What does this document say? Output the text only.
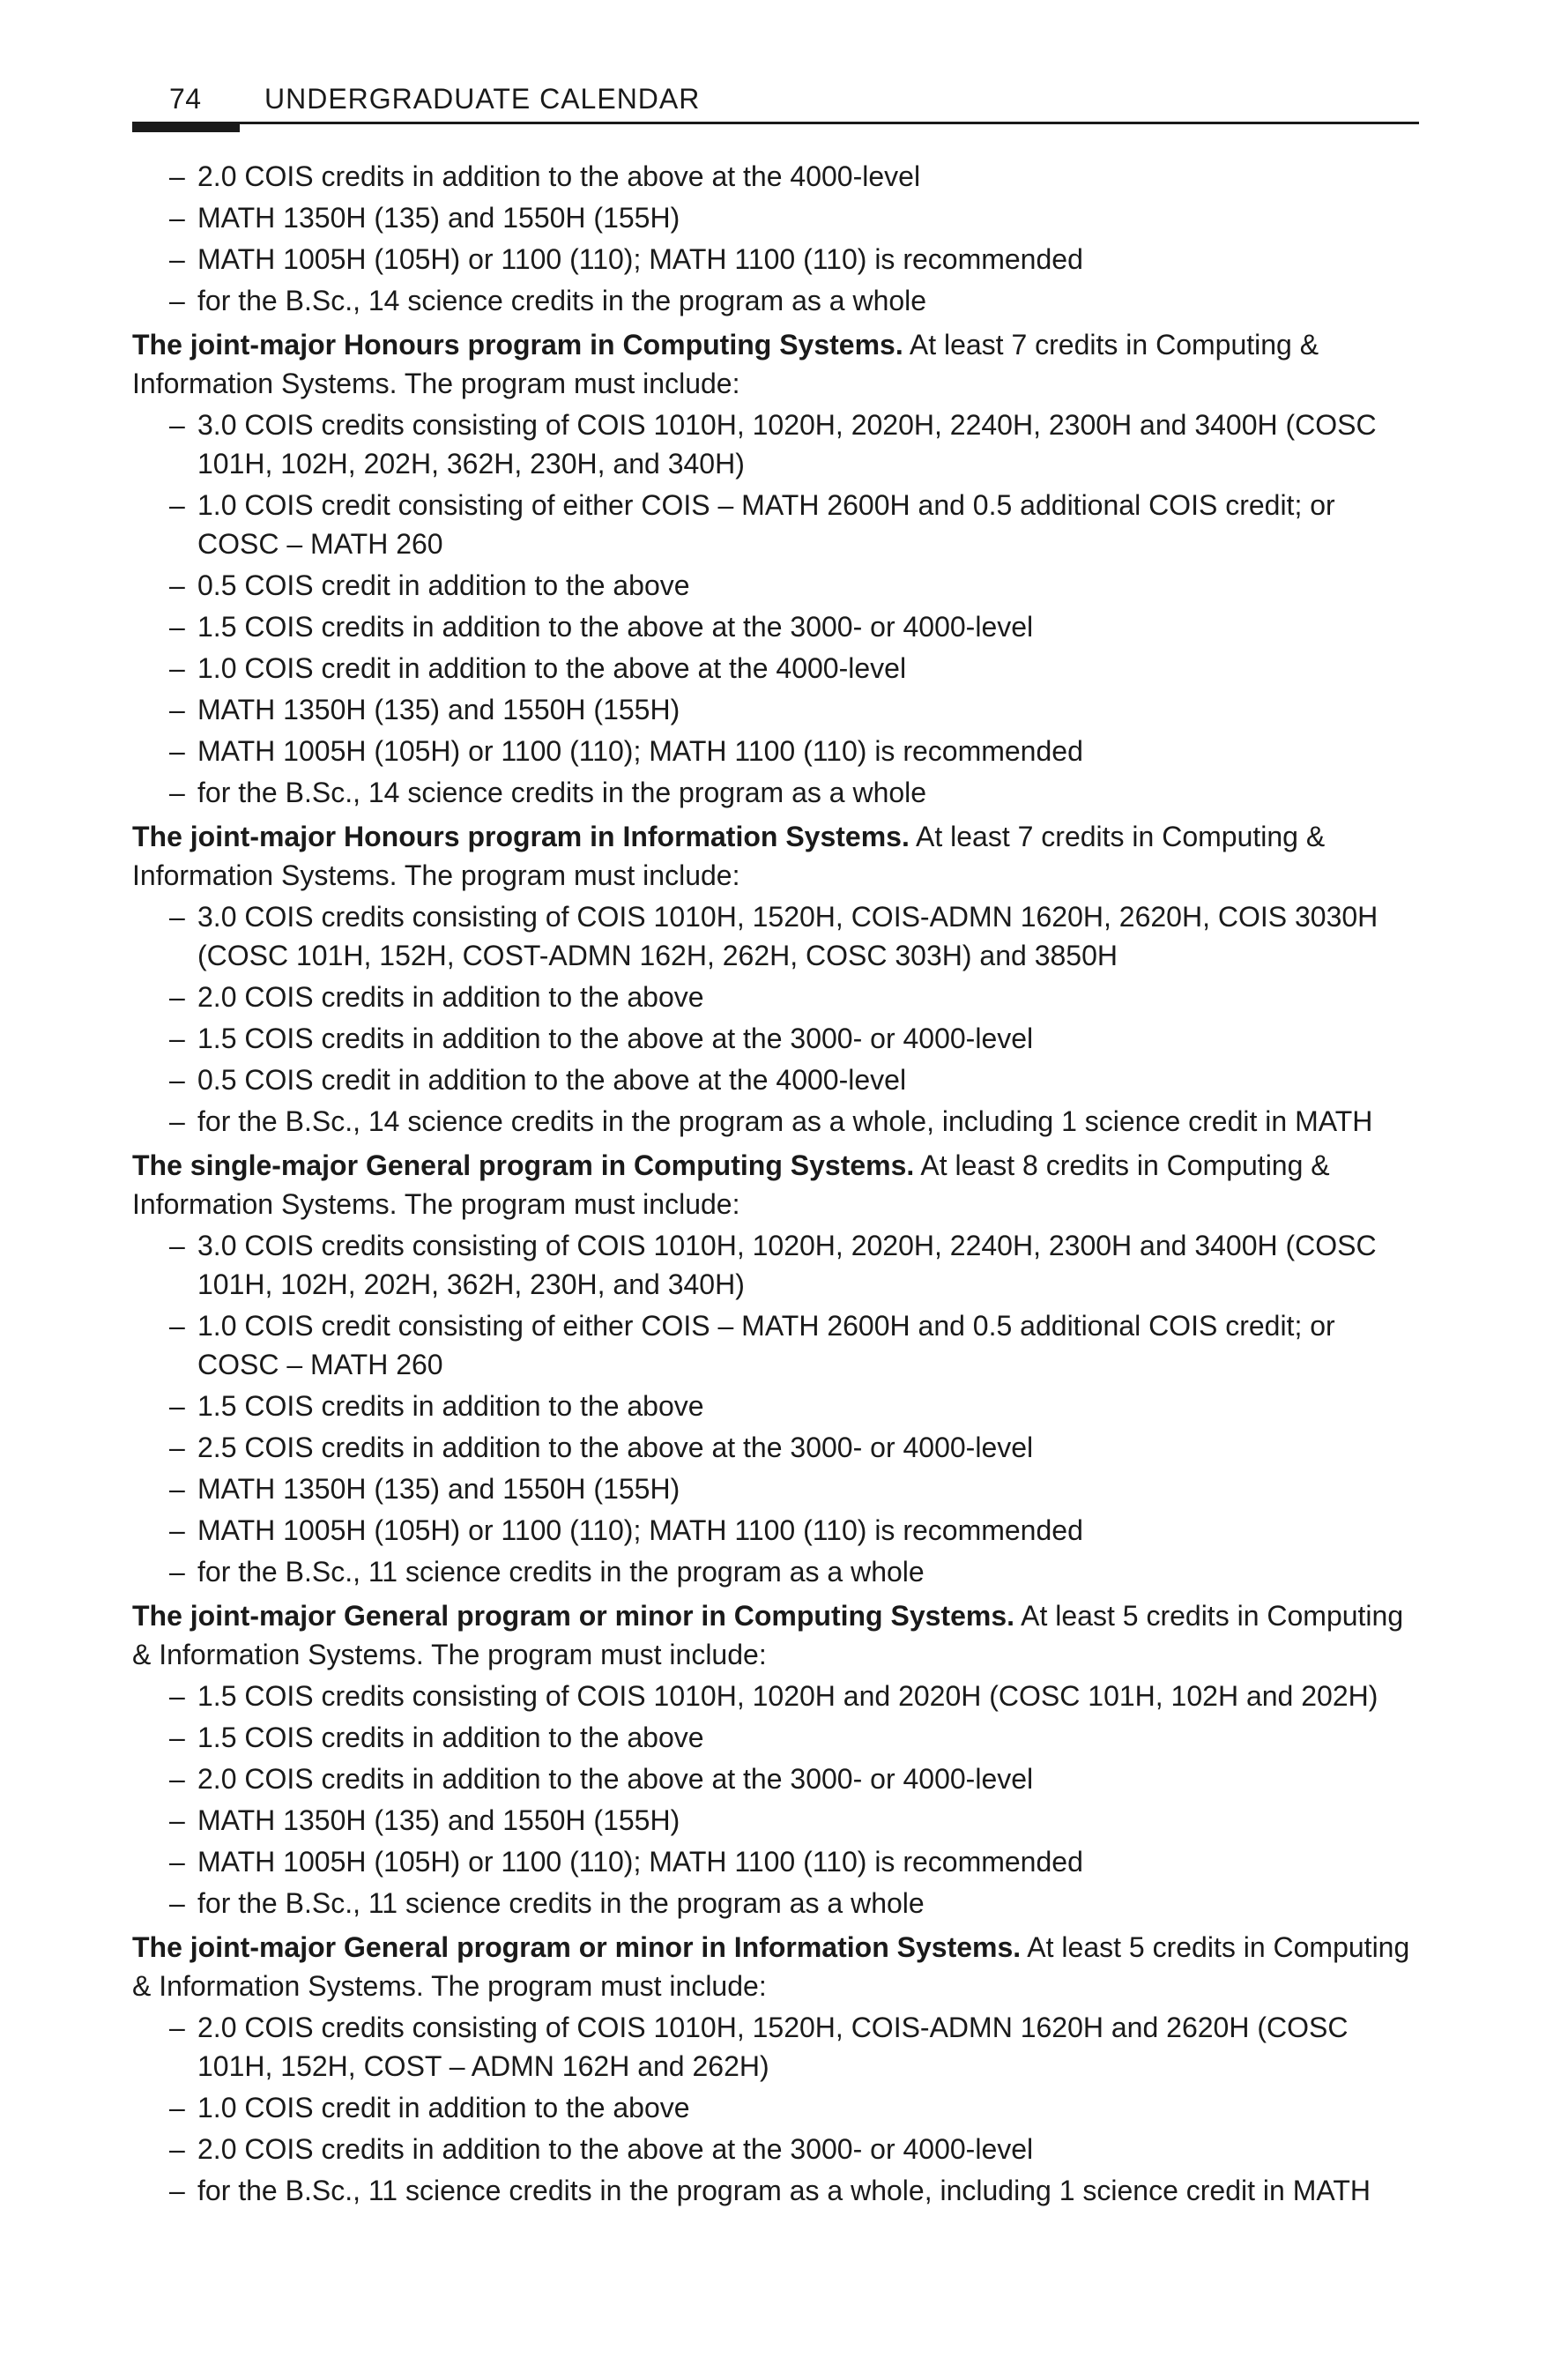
74 UNDERGRADUATE CALENDAR
– 2.0 COIS credits in addition to the above at the 4000-level
– MATH 1350H (135) and 1550H (155H)
– MATH 1005H (105H) or 1100 (110); MATH 1100 (110) is recommended
– for the B.Sc., 14 science credits in the program as a whole

The joint-major Honours program in Computing Systems. At least 7 credits in Computing & Information Systems. The program must include:

– 3.0 COIS credits consisting of COIS 1010H, 1020H, 2020H, 2240H, 2300H and 3400H (COSC 101H, 102H, 202H, 362H, 230H, and 340H)
– 1.0 COIS credit consisting of either COIS – MATH 2600H and 0.5 additional COIS credit; or COSC – MATH 260
– 0.5 COIS credit in addition to the above
– 1.5 COIS credits in addition to the above at the 3000- or 4000-level
– 1.0 COIS credit in addition to the above at the 4000-level
– MATH 1350H (135) and 1550H (155H)
– MATH 1005H (105H) or 1100 (110); MATH 1100 (110) is recommended
– for the B.Sc., 14 science credits in the program as a whole

The joint-major Honours program in Information Systems. At least 7 credits in Computing & Information Systems. The program must include:

– 3.0 COIS credits consisting of COIS 1010H, 1520H, COIS-ADMN 1620H, 2620H, COIS 3030H (COSC 101H, 152H, COST-ADMN 162H, 262H, COSC 303H) and 3850H
– 2.0 COIS credits in addition to the above
– 1.5 COIS credits in addition to the above at the 3000- or 4000-level
– 0.5 COIS credit in addition to the above at the 4000-level
– for the B.Sc., 14 science credits in the program as a whole, including 1 science credit in MATH

The single-major General program in Computing Systems. At least 8 credits in Computing & Information Systems. The program must include:

– 3.0 COIS credits consisting of COIS 1010H, 1020H, 2020H, 2240H, 2300H and 3400H (COSC 101H, 102H, 202H, 362H, 230H, and 340H)
– 1.0 COIS credit consisting of either COIS – MATH 2600H and 0.5 additional COIS credit; or COSC – MATH 260
– 1.5 COIS credits in addition to the above
– 2.5 COIS credits in addition to the above at the 3000- or 4000-level
– MATH 1350H (135) and 1550H (155H)
– MATH 1005H (105H) or 1100 (110); MATH 1100 (110) is recommended
– for the B.Sc., 11 science credits in the program as a whole

The joint-major General program or minor in Computing Systems. At least 5 credits in Computing & Information Systems. The program must include:

– 1.5 COIS credits consisting of COIS 1010H, 1020H and 2020H (COSC 101H, 102H and 202H)
– 1.5 COIS credits in addition to the above
– 2.0 COIS credits in addition to the above at the 3000- or 4000-level
– MATH 1350H (135) and 1550H (155H)
– MATH 1005H (105H) or 1100 (110); MATH 1100 (110) is recommended
– for the B.Sc., 11 science credits in the program as a whole

The joint-major General program or minor in Information Systems. At least 5 credits in Computing & Information Systems. The program must include:

– 2.0 COIS credits consisting of COIS 1010H, 1520H, COIS-ADMN 1620H and 2620H (COSC 101H, 152H, COST – ADMN 162H and 262H)
– 1.0 COIS credit in addition to the above
– 2.0 COIS credits in addition to the above at the 3000- or 4000-level
– for the B.Sc., 11 science credits in the program as a whole, including 1 science credit in MATH
